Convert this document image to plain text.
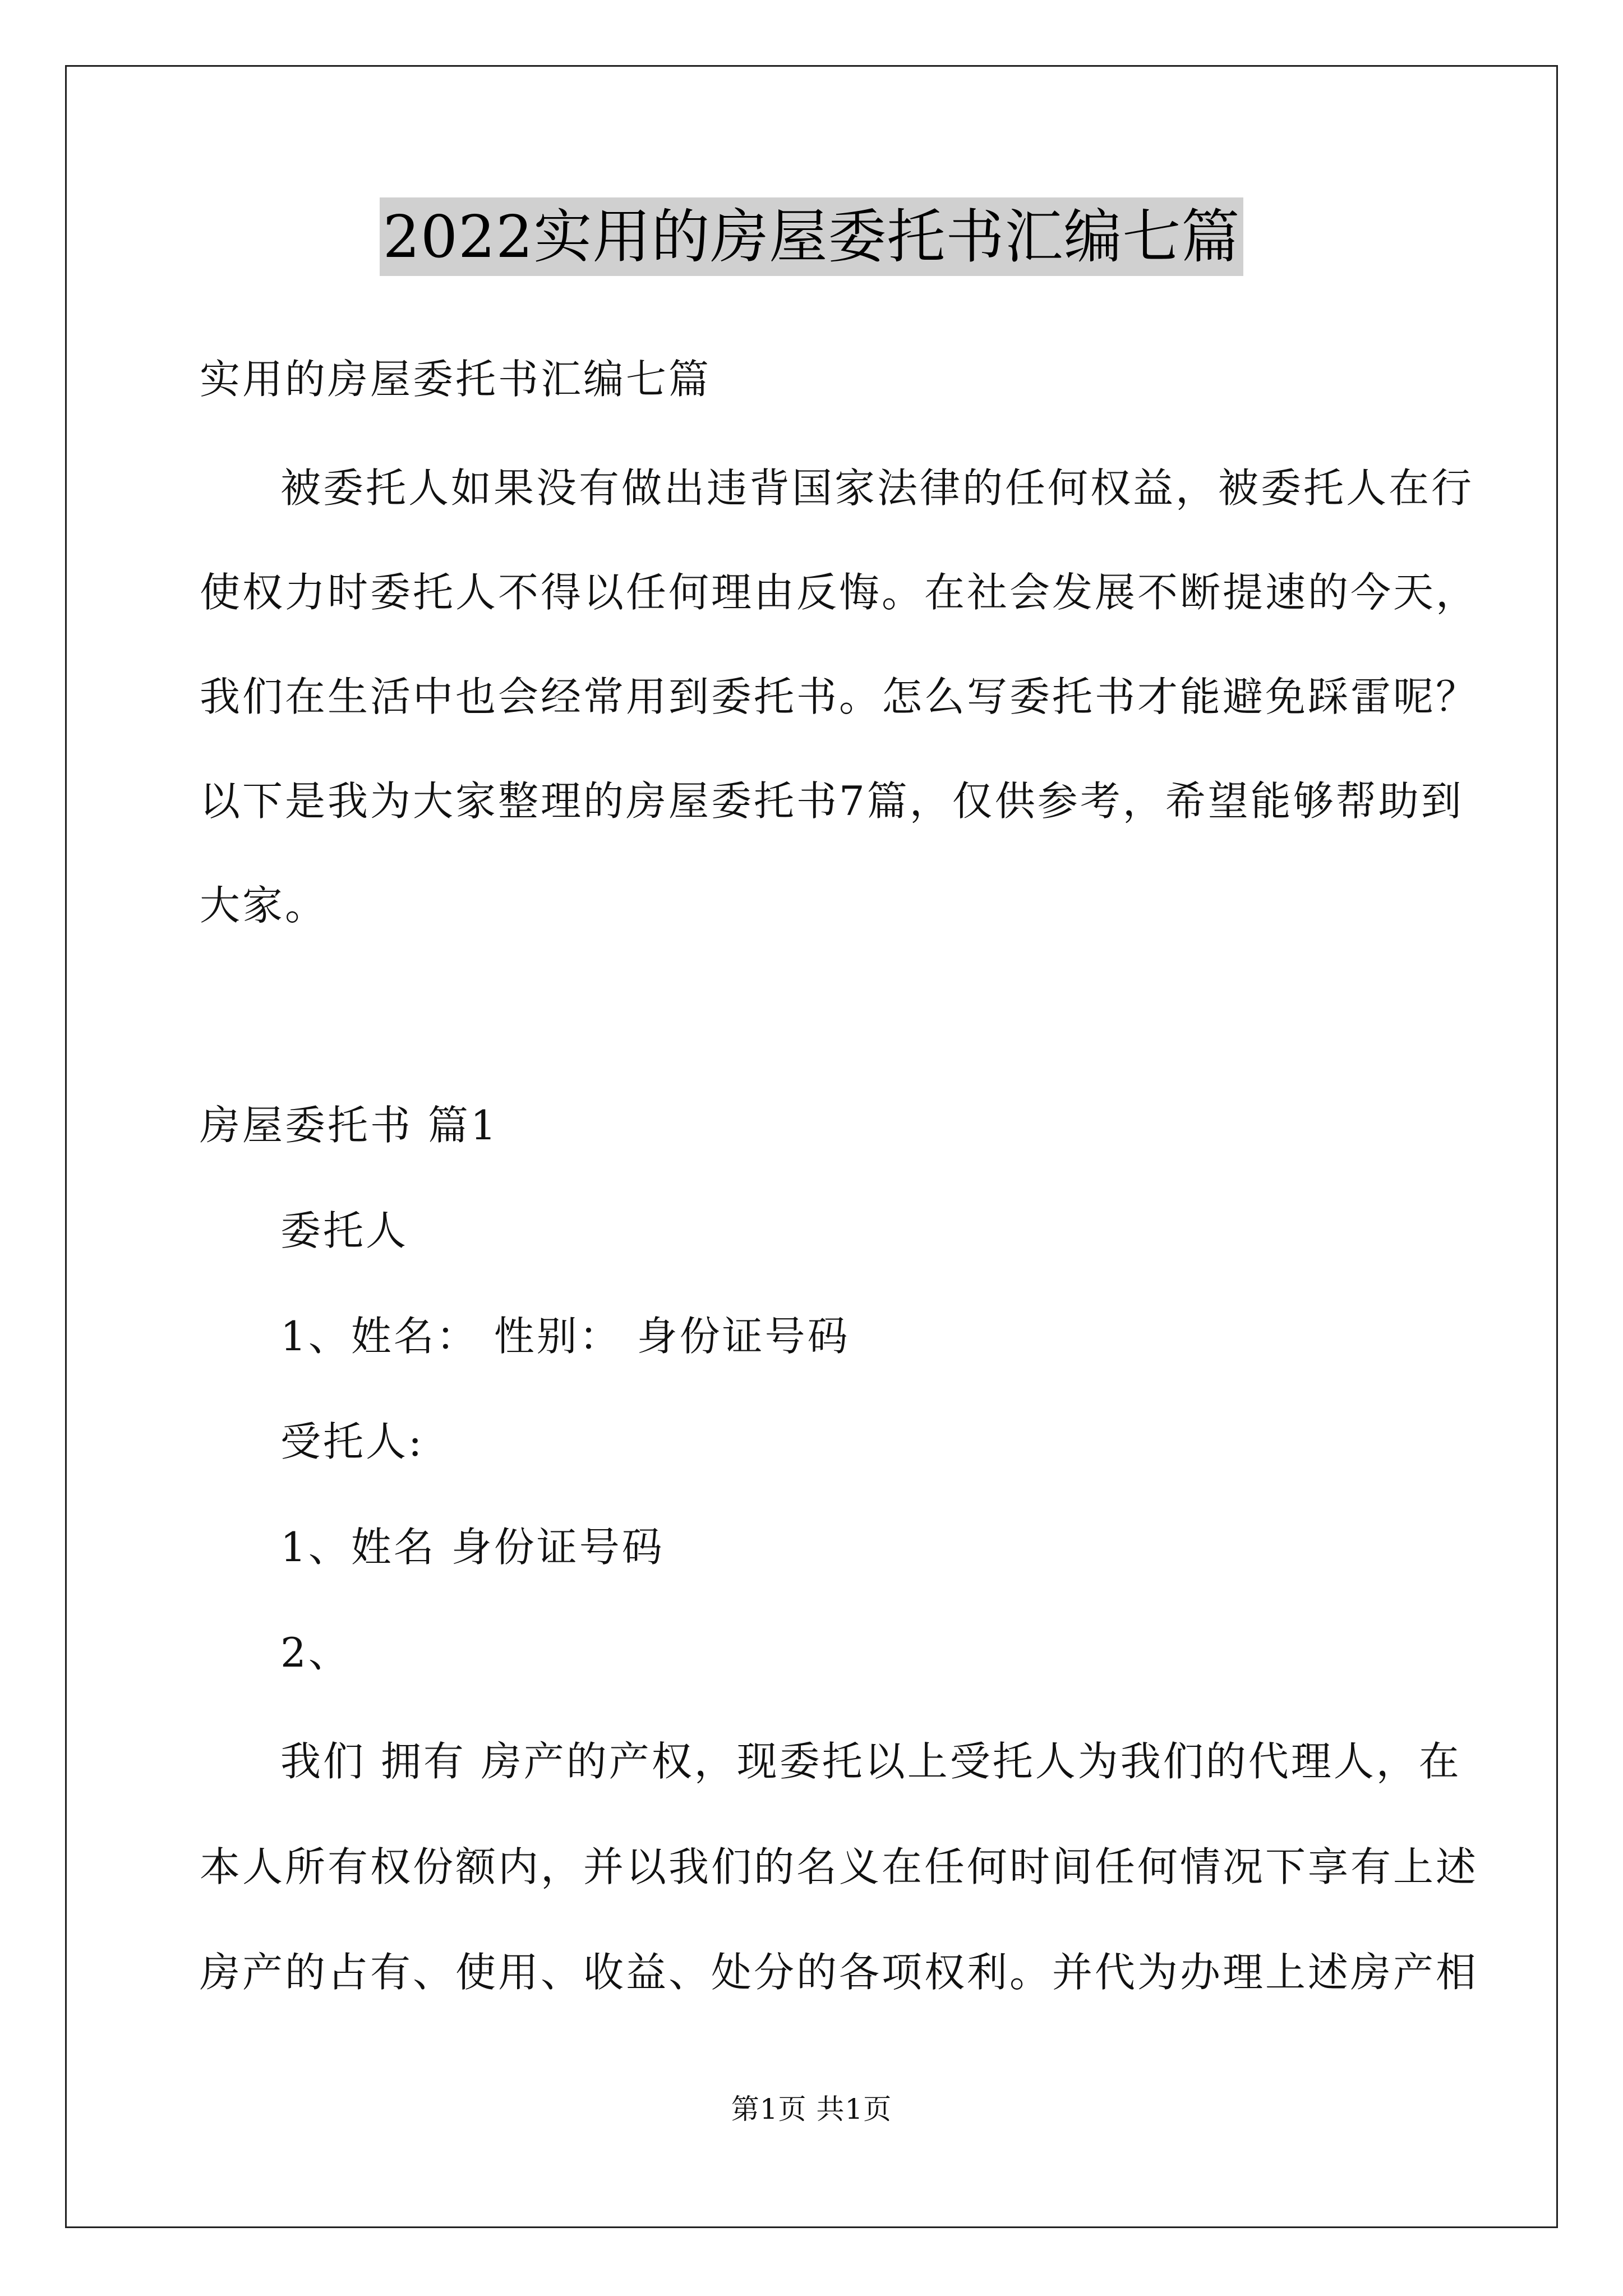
2022实用的房屋委托书汇编七篇
实用的房屋委托书汇编七篇
被委托人如果没有做出违背国家法律的任何权益，被委托人在行
使权力时委托人不得以任何理由反悔。在社会发展不断提速的今天，
我们在生活中也会经常用到委托书。怎么写委托书才能避免踩雷呢？
以下是我为大家整理的房屋委托书7篇，仅供参考，希望能够帮助到
大家。
房屋委托书 篇1
委托人
1、姓名： 性别： 身份证号码
受托人:
1、姓名 身份证号码
2、
我们 拥有 房产的产权，现委托以上受托人为我们的代理人，在
本人所有权份额内，并以我们的名义在任何时间任何情况下享有上述
房产的占有、使用、收益、处分的各项权利。并代为办理上述房产相
第1页 共1页
